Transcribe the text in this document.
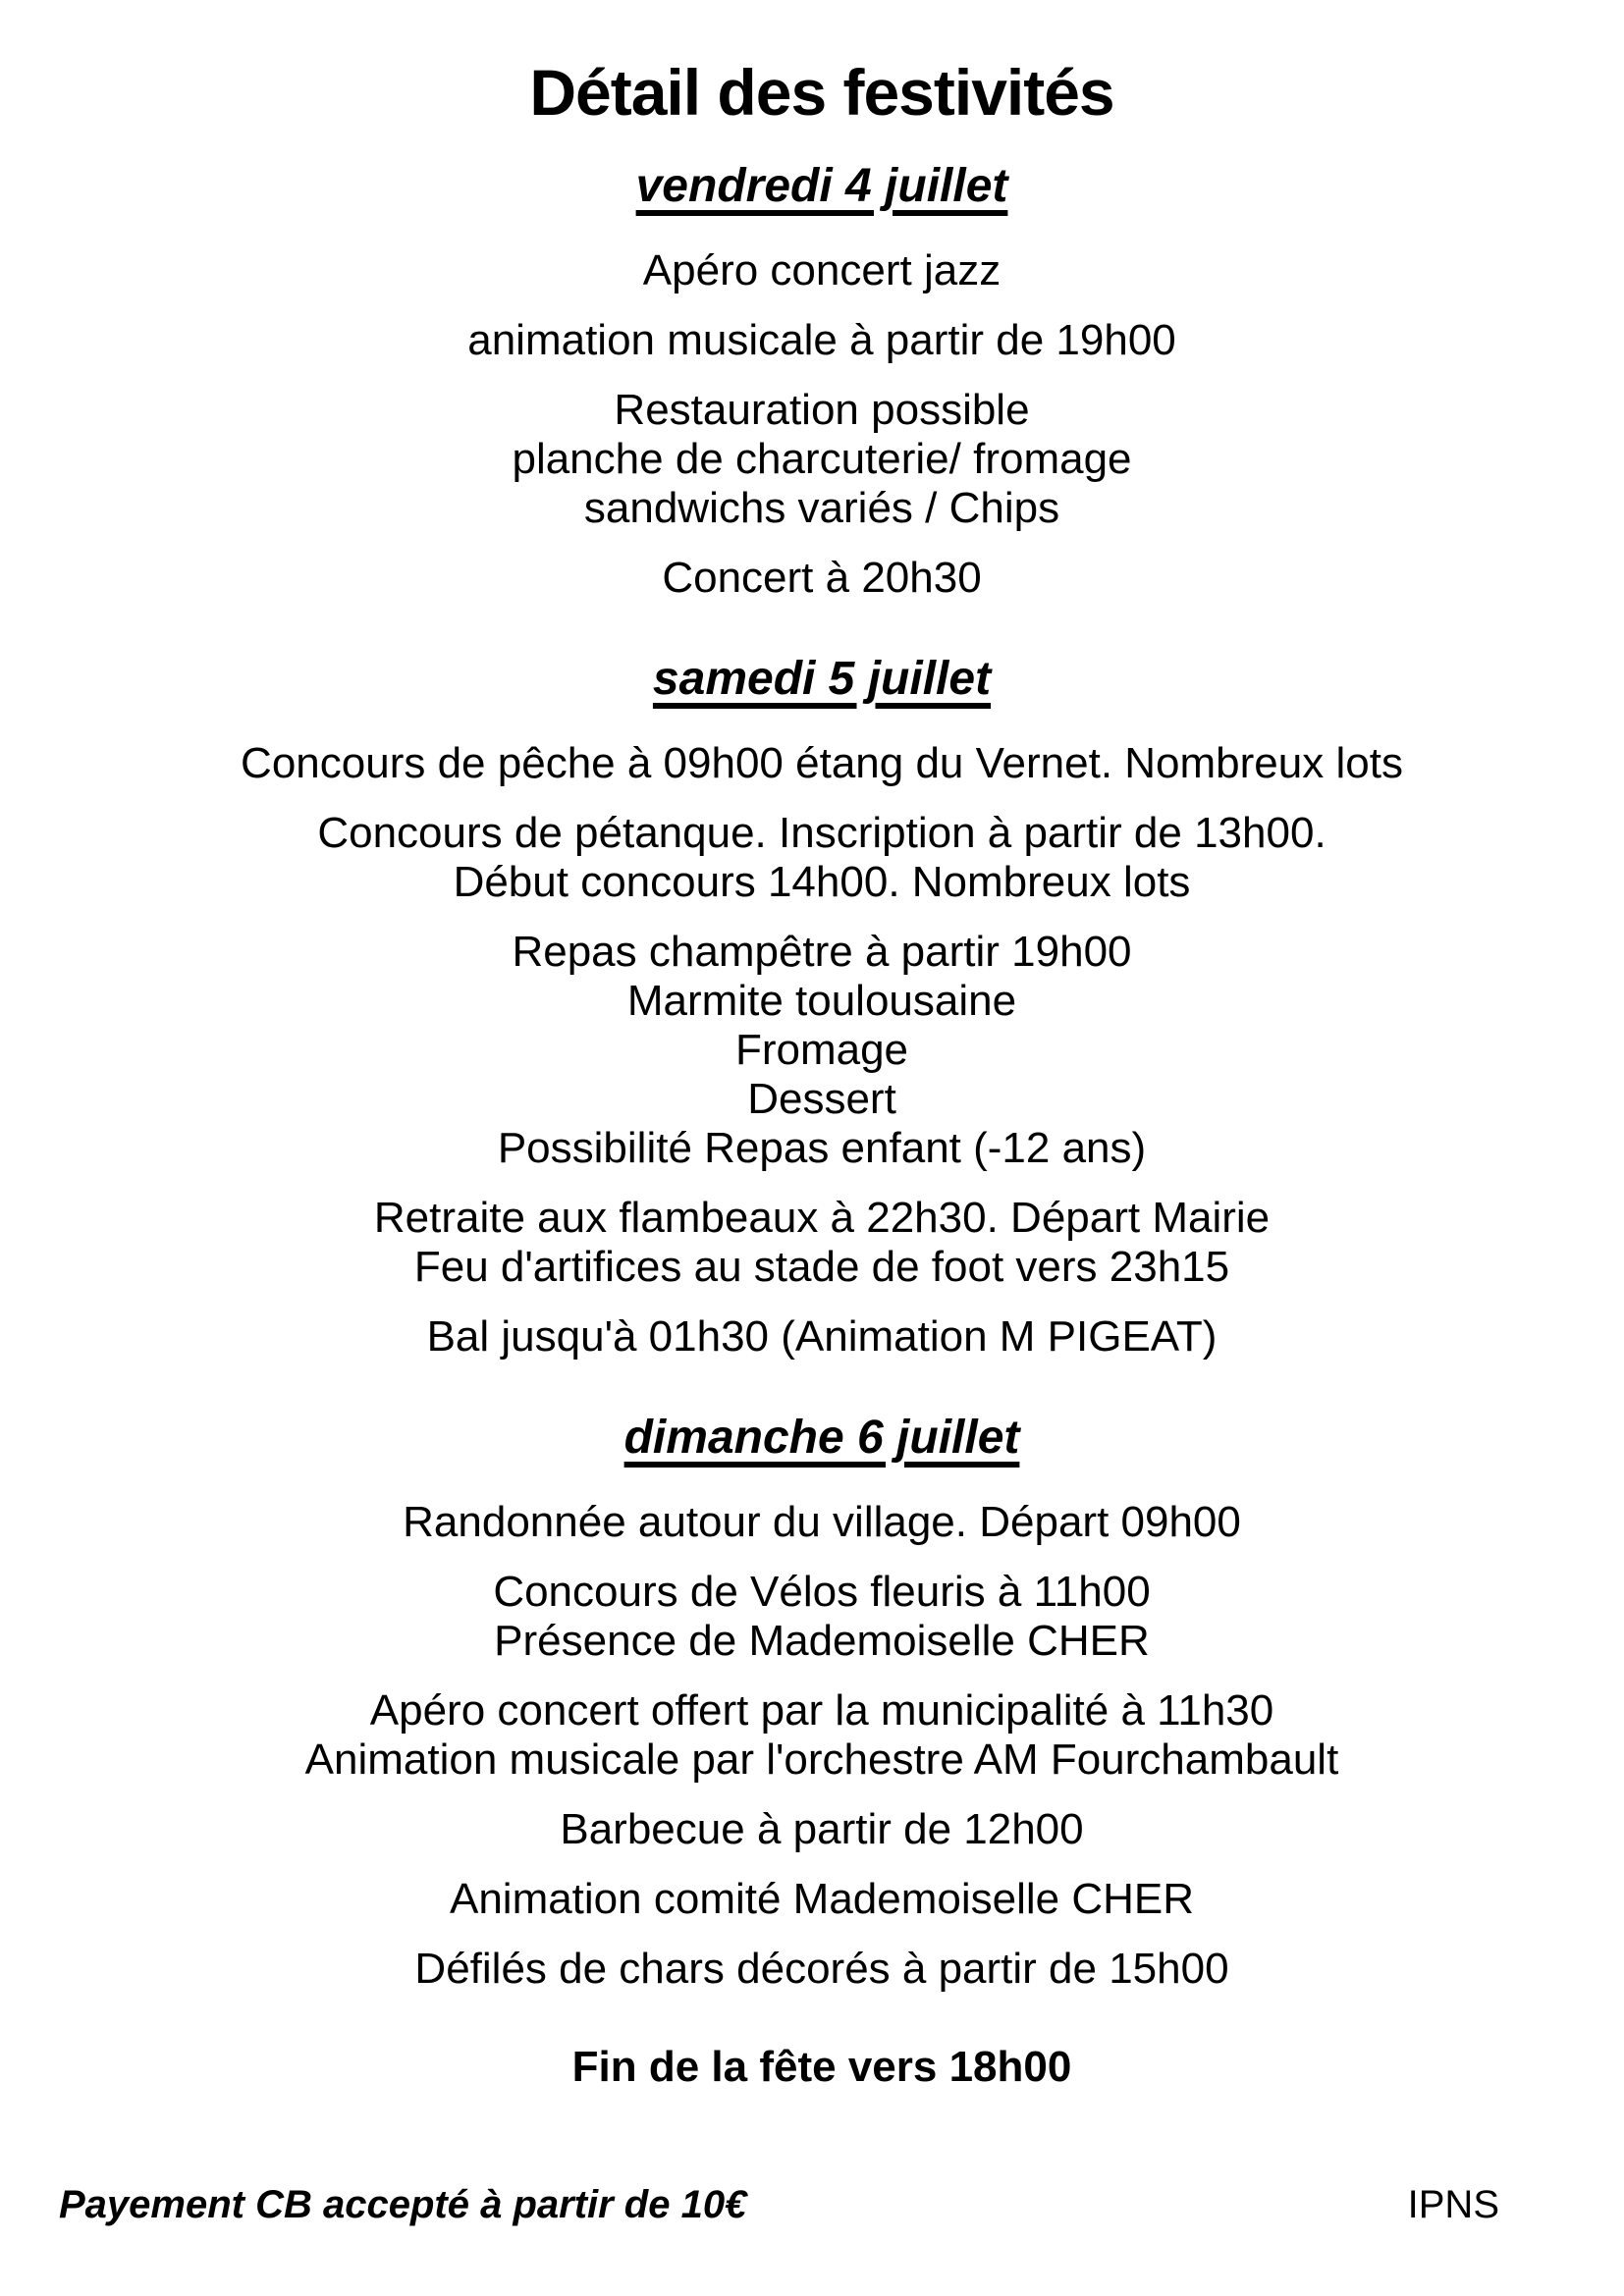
Détail des festivités
vendredi 4 juillet

Apéro concert jazz

animation musicale à partir de 19h00

Restauration possible
planche de charcuterie/ fromage
sandwichs variés / Chips

Concert à 20h30

samedi 5 juillet

Concours de pêche à 09h00 étang du Vernet. Nombreux lots

Concours de pétanque. Inscription à partir de 13h00.
Début concours 14h00. Nombreux lots

Repas champêtre à partir 19h00
Marmite toulousaine
Fromage
Dessert
Possibilité Repas enfant (-12 ans)

Retraite aux flambeaux à 22h30. Départ Mairie
Feu d'artifices au stade de foot vers 23h15

Bal jusqu'à 01h30 (Animation M PIGEAT)

dimanche 6 juillet

Randonnée autour du village. Départ 09h00

Concours de Vélos fleuris à 11h00
Présence de Mademoiselle CHER

Apéro concert offert par la municipalité à 11h30
Animation musicale par l'orchestre AM Fourchambault

Barbecue à partir de 12h00

Animation comité Mademoiselle CHER

Défilés de chars décorés à partir de 15h00

Fin de la fête vers 18h00

Payement CB accepté à partir de 10€	IPNS
